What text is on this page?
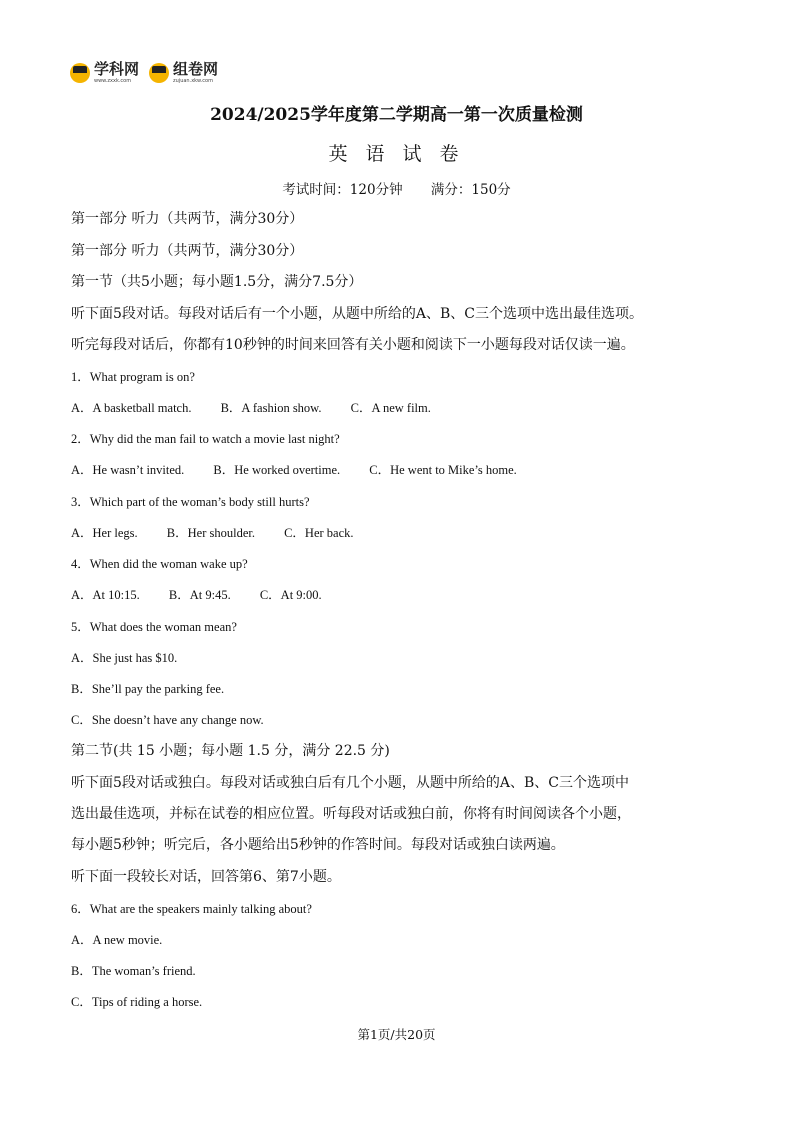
学科网
www.zxxk.com
组卷网
zujuan.xkw.com
2024/2025学年度第二学期高一第一次质量检测
英 语 试 卷
考试时间：120分钟 满分：150分
第一部分 听力（共两节，满分30分）
第一部分 听力（共两节，满分30分）
第一节（共5小题；每小题1.5分，满分7.5分）
听下面5段对话。每段对话后有一个小题，从题中所给的A、B、C三个选项中选出最佳选项。
听完每段对话后，你都有10秒钟的时间来回答有关小题和阅读下一小题每段对话仅读一遍。
1．What program is on?
A．A basketball match. B．A fashion show. C．A new film.
2．Why did the man fail to watch a movie last night?
A．He wasn’t invited. B．He worked overtime. C．He went to Mike’s home.
3．Which part of the woman’s body still hurts?
A．Her legs. B．Her shoulder. C．Her back.
4．When did the woman wake up?
A．At 10:15. B．At 9:45. C．At 9:00.
5．What does the woman mean?
A．She just has $10.
B．She’ll pay the parking fee.
C．She doesn’t have any change now.
第二节(共 15 小题；每小题 1.5 分，满分 22.5 分)
听下面5段对话或独白。每段对话或独白后有几个小题，从题中所给的A、B、C三个选项中
选出最佳选项，并标在试卷的相应位置。听每段对话或独白前，你将有时间阅读各个小题，
每小题5秒钟；听完后，各小题给出5秒钟的作答时间。每段对话或独白读两遍。
听下面一段较长对话，回答第6、第7小题。
6．What are the speakers mainly talking about?
A．A new movie.
B．The woman’s friend.
C．Tips of riding a horse.
第1页/共20页
